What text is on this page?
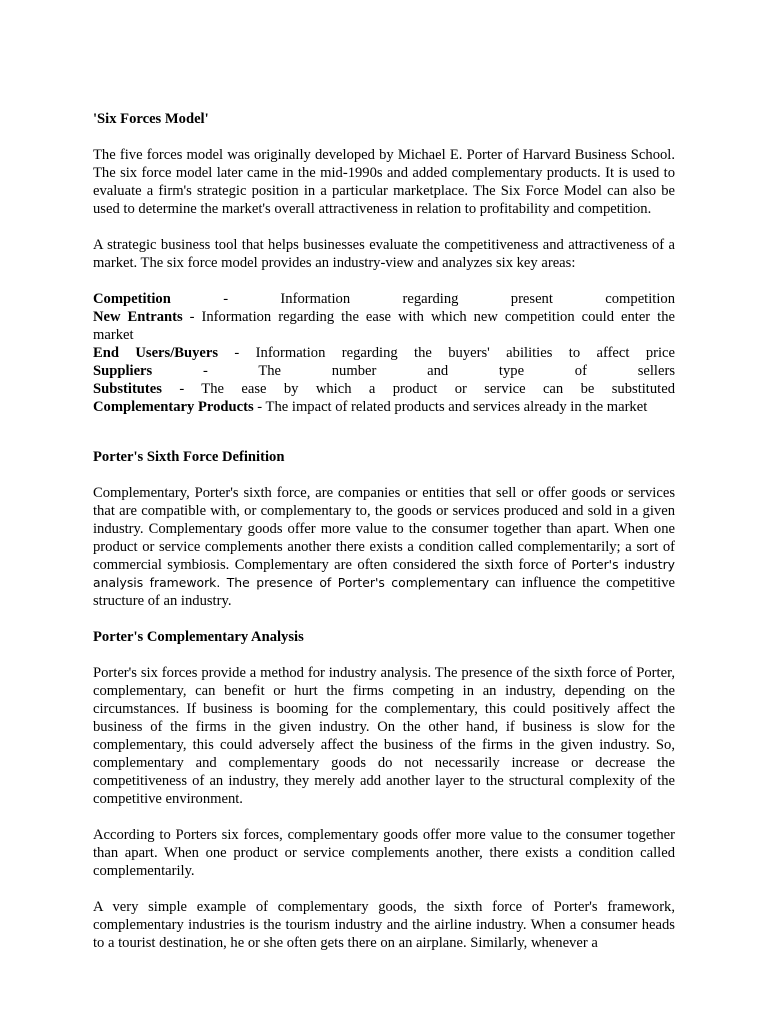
'Six Forces Model'

The five forces model was originally developed by Michael E. Porter of Harvard Business School. The six force model later came in the mid-1990s and added complementary products. It is used to evaluate a firm's strategic position in a particular marketplace. The Six Force Model can also be used to determine the market's overall attractiveness in relation to profitability and competition.

A strategic business tool that helps businesses evaluate the competitiveness and attractiveness of a market. The six force model provides an industry-view and analyzes six key areas:

Competition - Information regarding present competition

New Entrants - Information regarding the ease with which new competition could enter the market

End Users/Buyers - Information regarding the buyers' abilities to affect price

Suppliers - The number and type of sellers

Substitutes - The ease by which a product or service can be substituted

Complementary Products - The impact of related products and services already in the market

Porter's Sixth Force Definition

Complementary, Porter's sixth force, are companies or entities that sell or offer goods or services that are compatible with, or complementary to, the goods or services produced and sold in a given industry. Complementary goods offer more value to the consumer together than apart. When one product or service complements another there exists a condition called complementarily; a sort of commercial symbiosis. Complementary are often considered the sixth force of Porter's industry analysis framework. The presence of Porter's complementary can influence the competitive structure of an industry.

Porter's Complementary Analysis

Porter's six forces provide a method for industry analysis. The presence of the sixth force of Porter, complementary, can benefit or hurt the firms competing in an industry, depending on the circumstances. If business is booming for the complementary, this could positively affect the business of the firms in the given industry. On the other hand, if business is slow for the complementary, this could adversely affect the business of the firms in the given industry. So, complementary and complementary goods do not necessarily increase or decrease the competitiveness of an industry, they merely add another layer to the structural complexity of the competitive environment.

According to Porters six forces, complementary goods offer more value to the consumer together than apart. When one product or service complements another, there exists a condition called complementarily.

A very simple example of complementary goods, the sixth force of Porter's framework, complementary industries is the tourism industry and the airline industry. When a consumer heads to a tourist destination, he or she often gets there on an airplane. Similarly, whenever a
